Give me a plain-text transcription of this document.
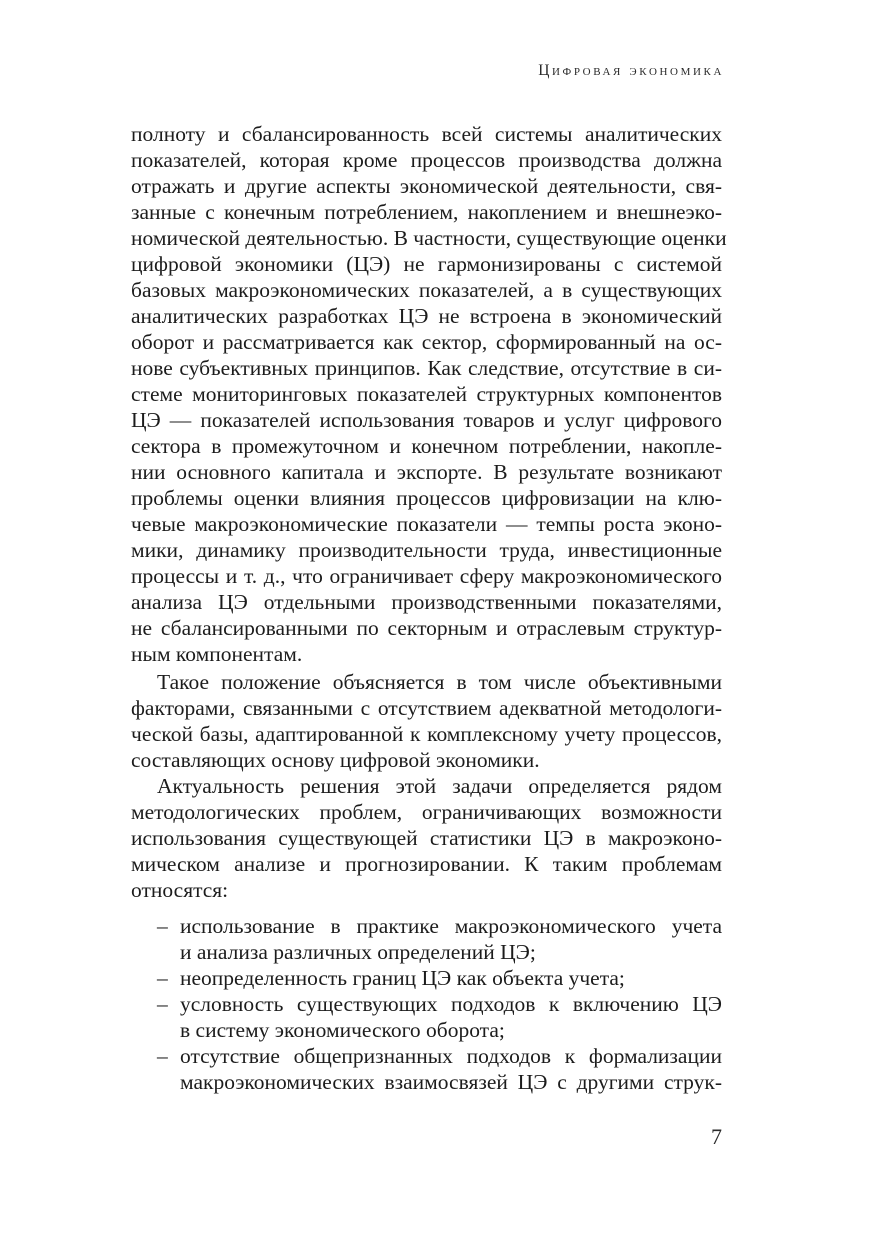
Цифровая экономика
полноту и сбалансированность всей системы аналитических
показателей, которая кроме процессов производства должна
отражать и другие аспекты экономической деятельности, свя-
занные с конечным потреблением, накоплением и внешнеэко-
номической деятельностью. В частности, существующие оценки
цифровой экономики (ЦЭ) не гармонизированы с системой
базовых макроэкономических показателей, а в существующих
аналитических разработках ЦЭ не встроена в экономический
оборот и рассматривается как сектор, сформированный на ос-
нове субъективных принципов. Как следствие, отсутствие в си-
стеме мониторинговых показателей структурных компонентов
ЦЭ — показателей использования товаров и услуг цифрового
сектора в промежуточном и конечном потреблении, накопле-
нии основного капитала и экспорте. В результате возникают
проблемы оценки влияния процессов цифровизации на клю-
чевые макроэкономические показатели — темпы роста эконо-
мики, динамику производительности труда, инвестиционные
процессы и т. д., что ограничивает сферу макроэкономического
анализа ЦЭ отдельными производственными показателями,
не сбалансированными по секторным и отраслевым структур-
ным компонентам.
Такое положение объясняется в том числе объективными
факторами, связанными с отсутствием адекватной методологи-
ческой базы, адаптированной к комплексному учету процессов,
составляющих основу цифровой экономики.
Актуальность решения этой задачи определяется рядом
методологических проблем, ограничивающих возможности
использования существующей статистики ЦЭ в макроэконо-
мическом анализе и прогнозировании. К таким проблемам
относятся:
– использование в практике макроэкономического учета
и анализа различных определений ЦЭ;
– неопределенность границ ЦЭ как объекта учета;
– условность существующих подходов к включению ЦЭ
в систему экономического оборота;
– отсутствие общепризнанных подходов к формализации
макроэкономических взаимосвязей ЦЭ с другими струк-
7
